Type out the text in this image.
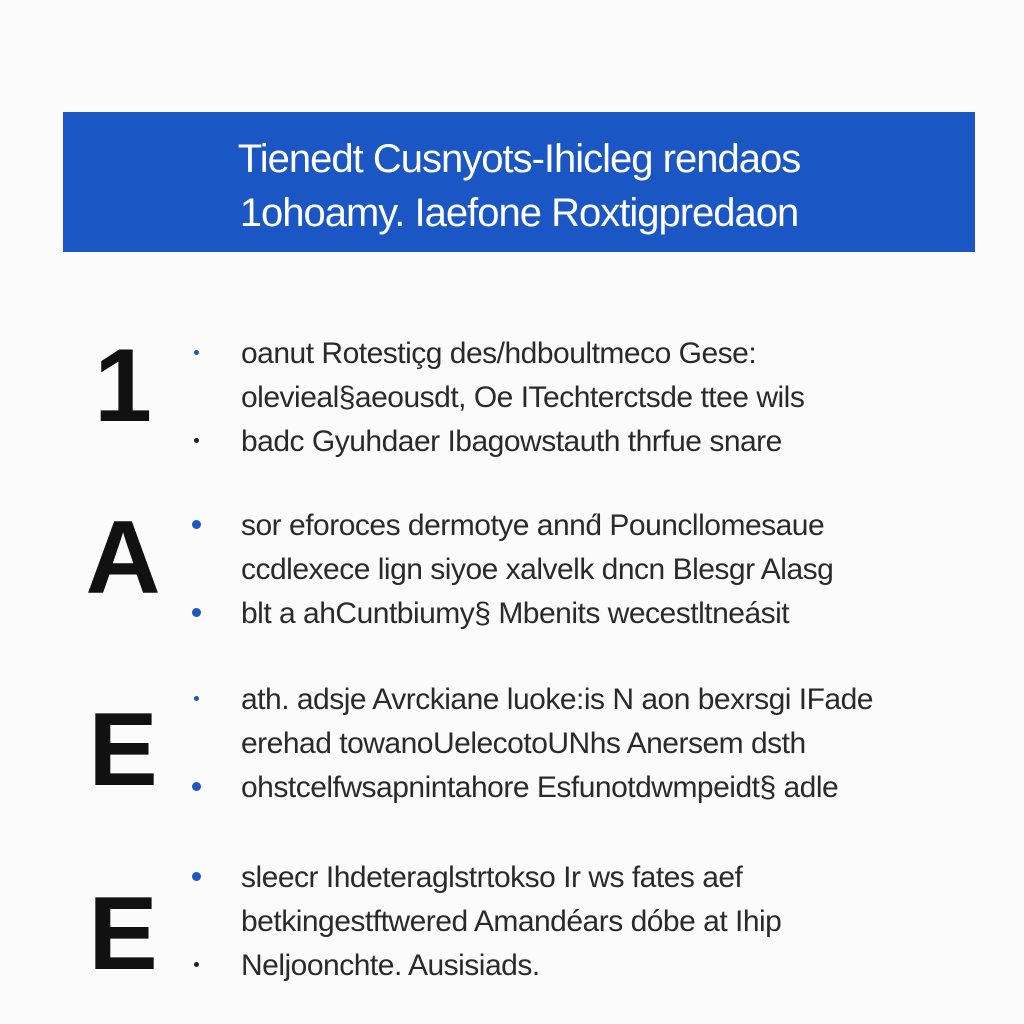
Tienedt Cusnyots-Ihicleg rendaos
1ohoamy. Iaefone Roxtigpredaon
1	oanut Rotestiçg des/hdboultmeco Gese:
olevieal§aeousdt, Oe ITechterctsde ttee wils
badc Gyuhdaer Ibagowstauth thrfue snare
A	sor eforoces dermotye annd́ Pouncllomesaue
ccdlexece lign siyoe xalvelk dncn Blesgr Alasg
blt a ahCuntbiumy§ Mbenits wecestltneásit
E	ath. adsje Avrckiane luoke:is N aon bexrsgi IFade
erehad towanoUelecotoUNhs Anersem dsth
ohstcelfwsapnintahore Esfunotdwmpeidt§ adle
E	sleecr Ihdeteraglstrtokso Ir ws fates aef
betkingestftwered Amandéars dóbe at Ihip
Neljoonchte. Ausisiads.
